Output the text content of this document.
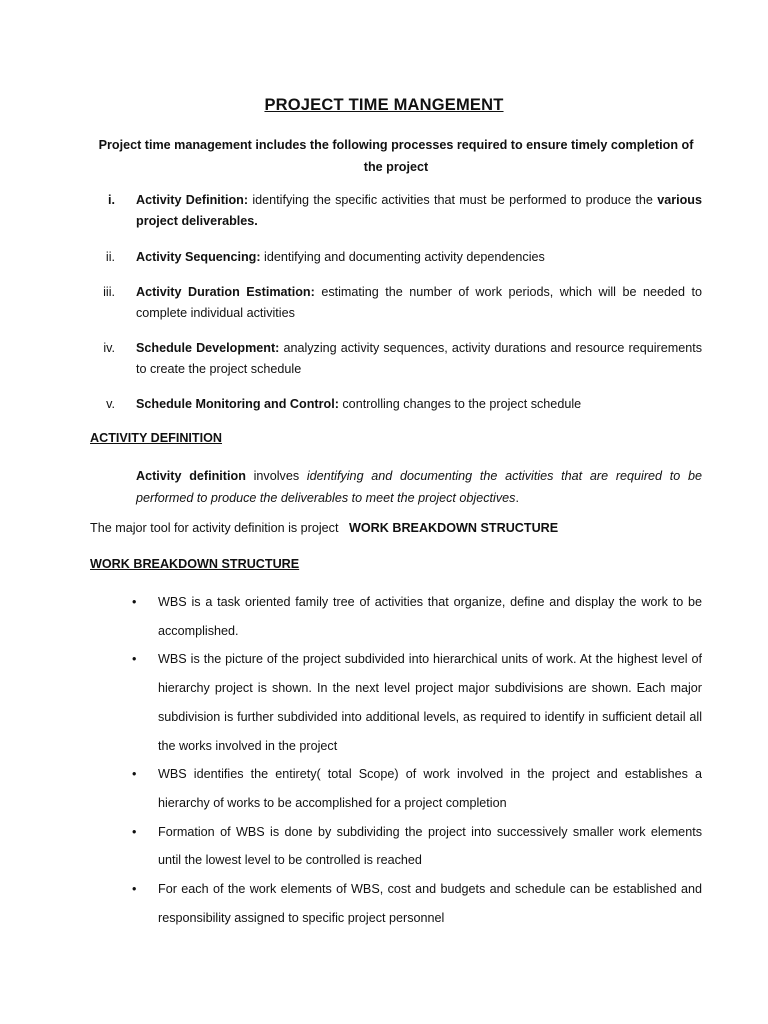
PROJECT TIME MANGEMENT
Project time management includes the following processes required to ensure timely completion of the project
i. Activity Definition: identifying the specific activities that must be performed to produce the various project deliverables.
ii. Activity Sequencing: identifying and documenting activity dependencies
iii. Activity Duration Estimation: estimating the number of work periods, which will be needed to complete individual activities
iv. Schedule Development: analyzing activity sequences, activity durations and resource requirements to create the project schedule
v. Schedule Monitoring and Control: controlling changes to the project schedule
ACTIVITY DEFINITION
Activity definition involves identifying and documenting the activities that are required to be performed to produce the deliverables to meet the project objectives.
The major tool for activity definition is project   WORK BREAKDOWN STRUCTURE
WORK BREAKDOWN STRUCTURE
•	WBS is a task oriented family tree of activities that organize, define and display the work to be accomplished.
•	WBS is the picture of the project subdivided into hierarchical units of work. At the highest level of hierarchy project is shown. In the next level project major subdivisions are shown. Each major subdivision is further subdivided into additional levels, as required to identify in sufficient detail all the works involved in the project
•	WBS identifies the entirety( total Scope) of work involved in the project and establishes a hierarchy of works to be accomplished for a project completion
•	Formation of WBS is done by subdividing the project into successively smaller work elements until the lowest level to be controlled is reached
•	For each of the work elements of WBS, cost and budgets and schedule can be established and responsibility assigned to specific project personnel
